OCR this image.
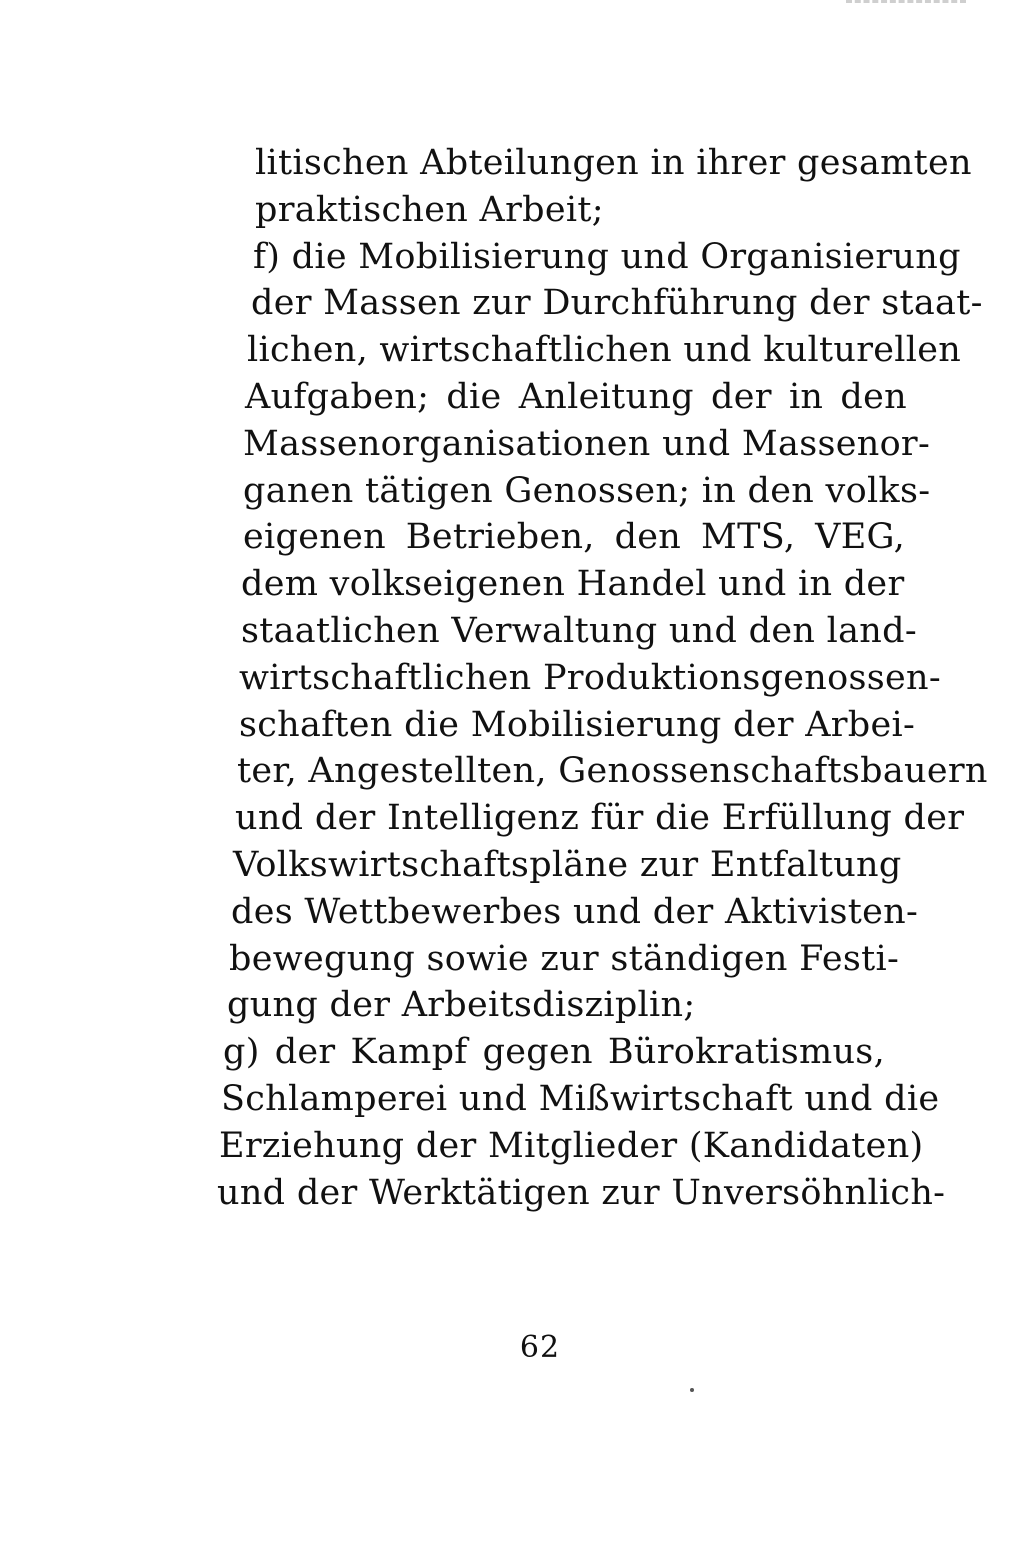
litischen Abteilungen in ihrer gesamten
praktischen Arbeit;
f) die Mobilisierung und Organisierung
der Massen zur Durchführung der staat-
lichen, wirtschaftlichen und kulturellen
Aufgaben; die Anleitung der in den
Massenorganisationen und Massenor-
ganen tätigen Genossen; in den volks-
eigenen Betrieben, den MTS, VEG,
dem volkseigenen Handel und in der
staatlichen Verwaltung und den land-
wirtschaftlichen Produktionsgenossen-
schaften die Mobilisierung der Arbei-
ter, Angestellten, Genossenschaftsbauern
und der Intelligenz für die Erfüllung der
Volkswirtschaftspläne zur Entfaltung
des Wettbewerbes und der Aktivisten-
bewegung sowie zur ständigen Festi-
gung der Arbeitsdisziplin;
g) der Kampf gegen Bürokratismus,
Schlamperei und Mißwirtschaft und die
Erziehung der Mitglieder (Kandidaten)
und der Werktätigen zur Unversöhnlich-
62
